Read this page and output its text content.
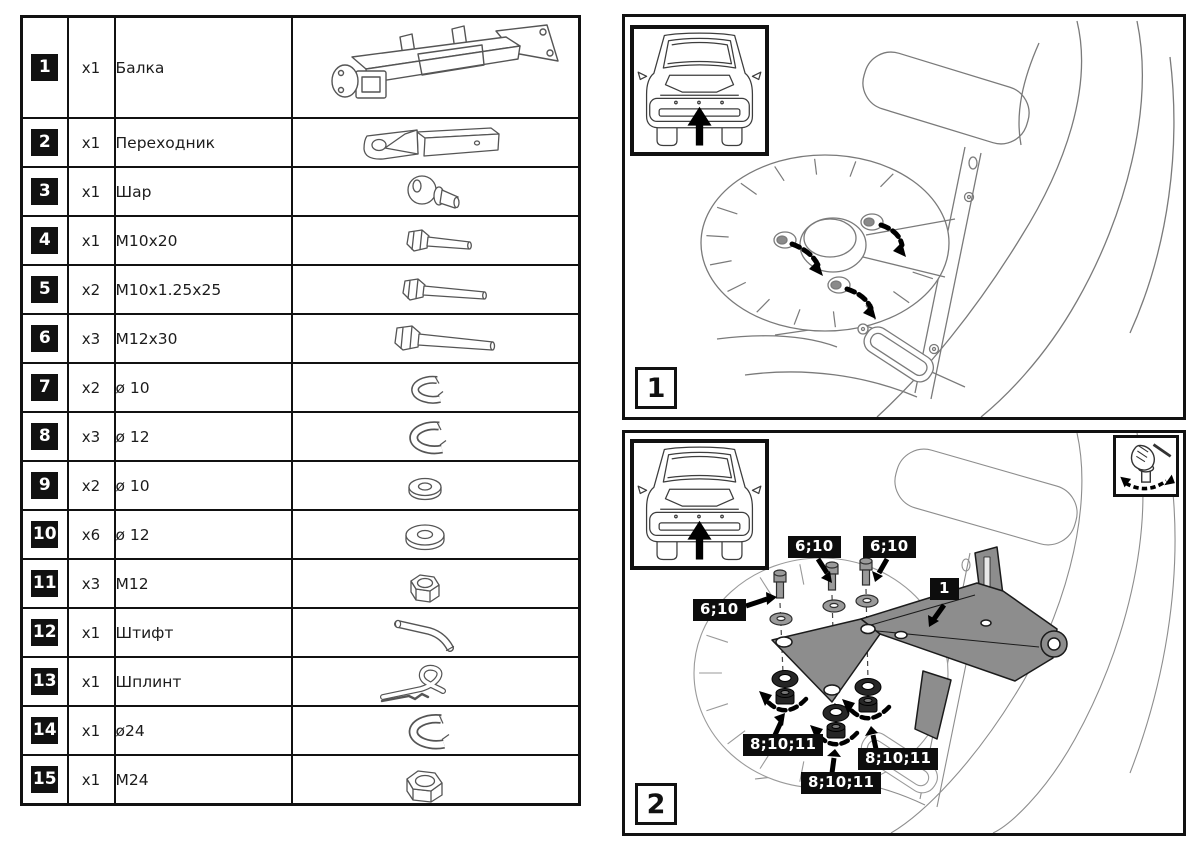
1	x1	Балка	

2	x1	Переходник	

3	x1	Шар	

4	x1	M10x20	

5	x2	M10x1.25x25	

6	x3	M12x30	

7	x2	ø 10	

8	x3	ø 12	

9	x2	ø 10	

10	x6	ø 12	

11	x3	M12	

12	x1	Штифт	

13	x1	Шплинт	

14	x1	ø24	

15	x1	M24	
1
6;10	6;10
6;10
1
8;10;11
8;10;11
8;10;11
2
